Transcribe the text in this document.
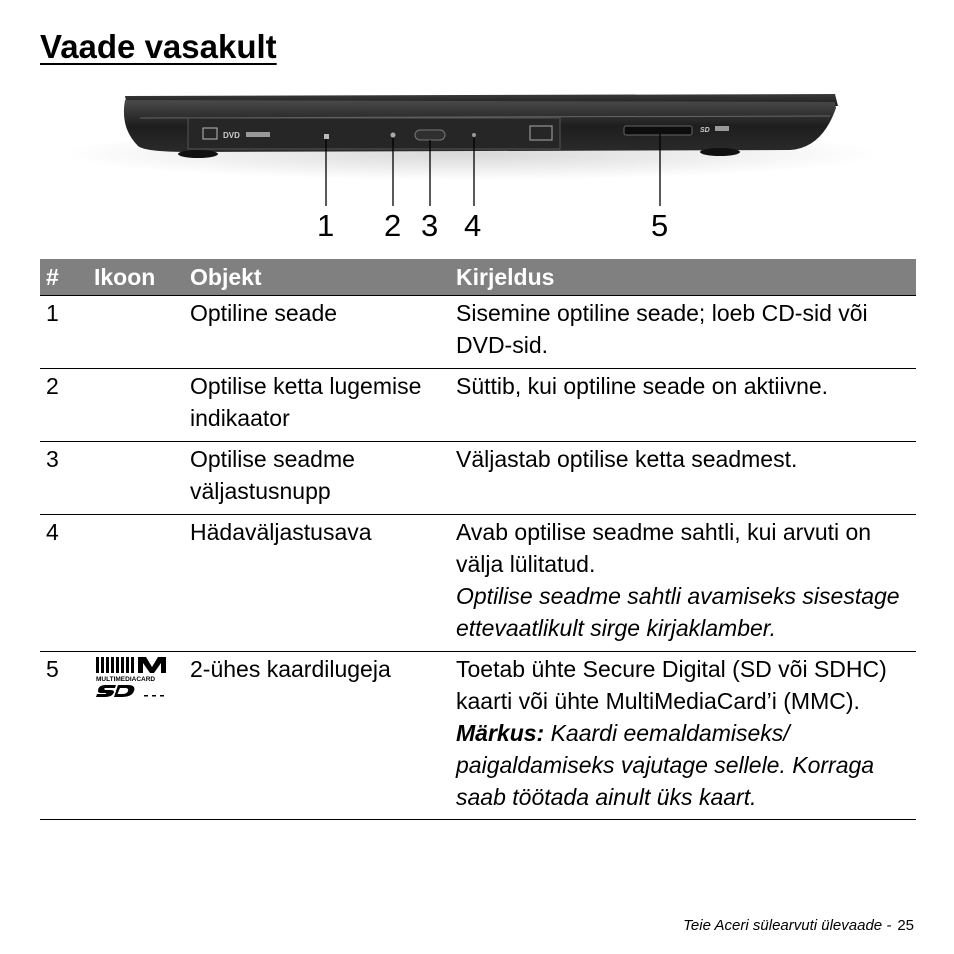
Vaade vasakult
DVD
SD
1 2 3 4	5
#	Ikoon	Objekt	Kirjeldus
1		Optiline seade	Sisemine optiline seade; loeb CD-sid või DVD-sid.
2		Optilise ketta lugemise indikaator	Süttib, kui optiline seade on aktiivne.
3		Optilise seadme väljastusnupp	Väljastab optilise ketta seadmest.
4		Hädaväljastusava	Avab optilise seadme sahtli, kui arvuti on välja lülitatud.
Optilise seadme sahtli avamiseks sisestage ettevaatlikult sirge kirjaklamber.

5	MULTIMEDIACARD	2-ühes kaardilugeja	Toetab ühte Secure Digital (SD või SDHC) kaarti või ühte MultiMediaCard’i (MMC).
Märkus: Kaardi eemaldamiseks/ paigaldamiseks vajutage sellele. Korraga saab töötada ainult üks kaart.
Teie Aceri sülearvuti ülevaade - 25
